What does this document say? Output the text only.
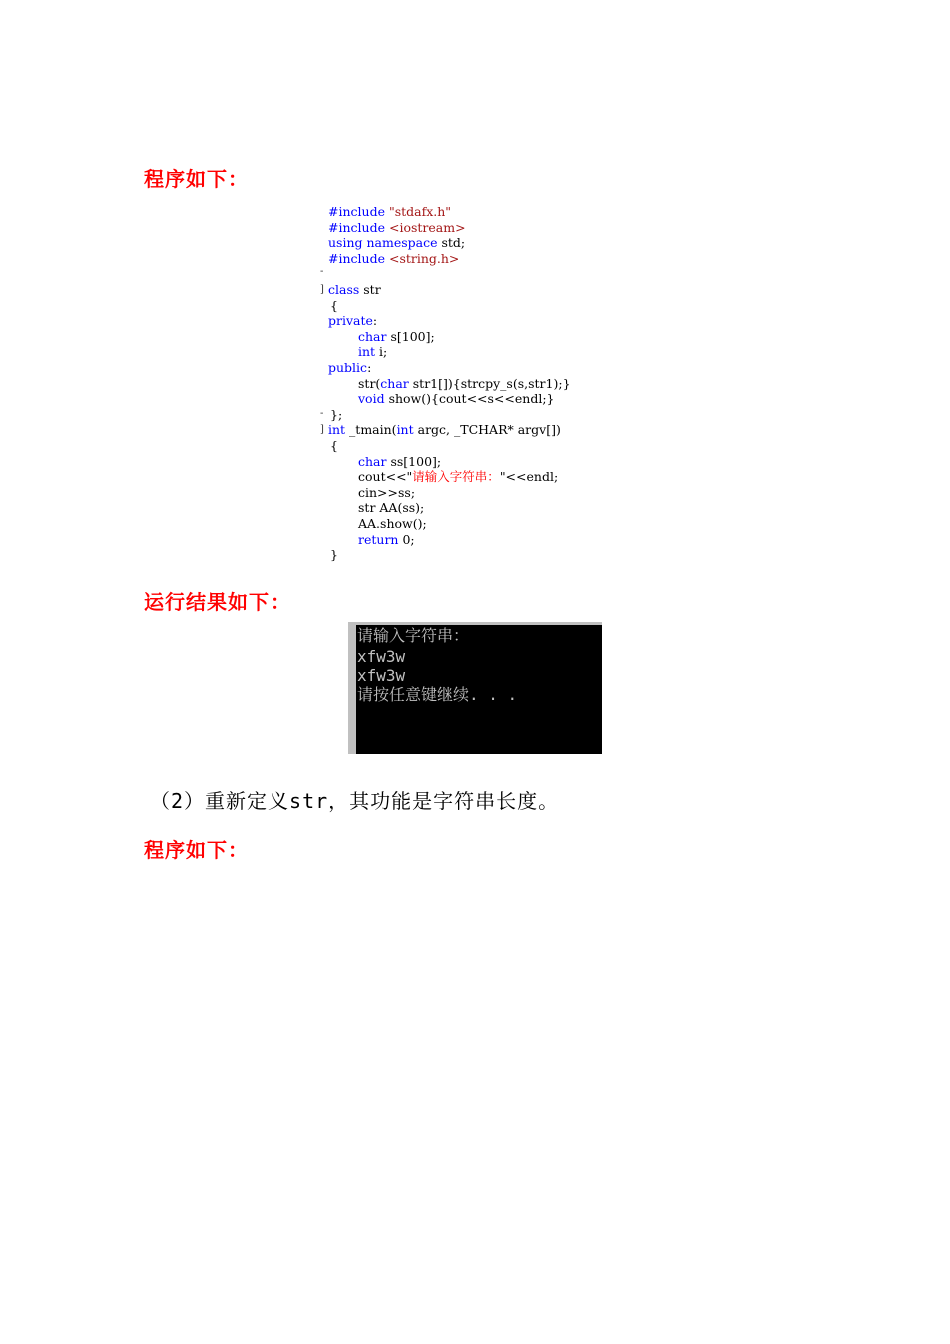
程序如下：
#include "stdafx.h"
#include <iostream>
using namespace std;
#include <string.h>
-
] class str
{
private:
char s[100];
int i;
public:
str(char str1[]){strcpy_s(s,str1);}
void show(){cout<<s<<endl;}
- };
] int _tmain(int argc, _TCHAR* argv[])
{
char ss[100];
cout<<"请输入字符串："<<endl;
cin>>ss;
str AA(ss);
AA.show();
return 0;
}
运行结果如下：
请输入字符串：
xfw3w
xfw3w
请按任意键继续. . .
（2）重新定义str，其功能是字符串长度。
程序如下：
